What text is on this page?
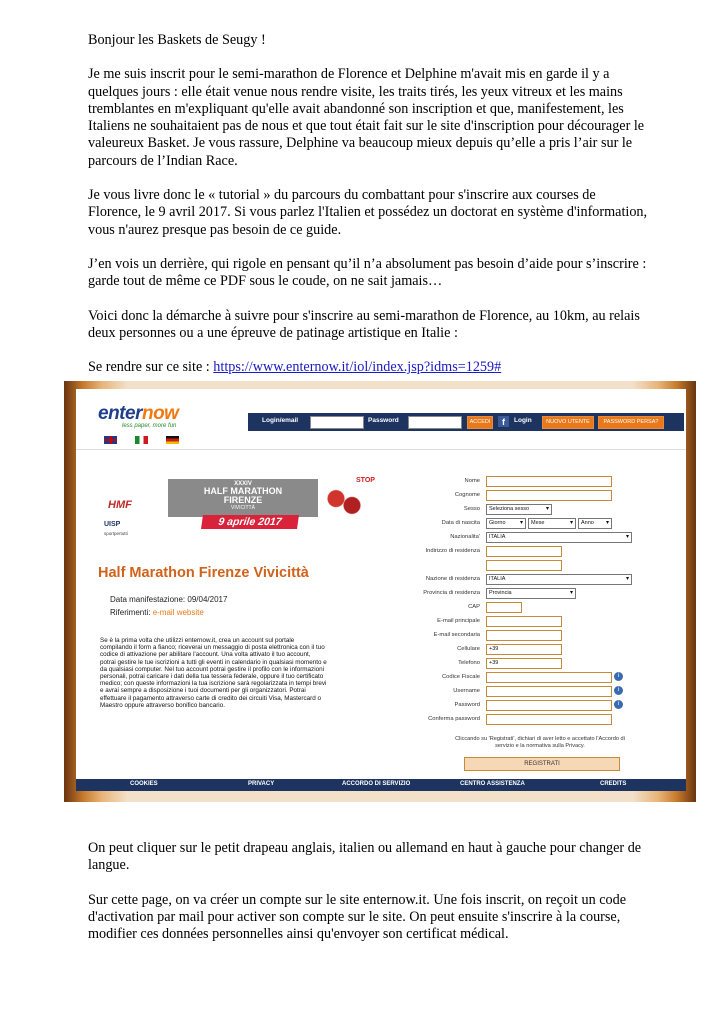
Bonjour les Baskets de Seugy !

Je me suis inscrit pour le semi-marathon de Florence et Delphine m'avait mis en garde il y a quelques jours : elle était venue nous rendre visite, les traits tirés, les yeux vitreux et les mains tremblantes en m'expliquant qu'elle avait abandonné son inscription et que, manifestement, les Italiens ne souhaitaient pas de nous et que tout était fait sur le site d'inscription pour décourager le valeureux Basket. Je vous rassure, Delphine va beaucoup mieux depuis qu’elle a pris l’air sur le parcours de l’Indian Race.

Je vous livre donc le « tutorial » du parcours du combattant pour s'inscrire aux courses de Florence, le 9 avril 2017. Si vous parlez l'Italien et possédez un doctorat en système d'information, vous n'aurez presque pas besoin de ce guide.

J’en vois un derrière, qui rigole en pensant qu’il n’a absolument pas besoin d’aide pour s’inscrire : garde tout de même ce PDF sous le coude, on ne sait jamais…

Voici donc la démarche à suivre pour s'inscrire au semi-marathon de Florence, au 10km, au relais deux personnes ou a une épreuve de patinage artistique en Italie :

Se rendre sur ce site : https://www.enternow.it/iol/index.jsp?idms=1259#

enternow
less paper, more fun
Login/email	Password	ACCEDI	f	Login	NUOVO UTENTE	PASSWORD PERSA?
HMF
UISP
sportpertutti
XXXIV
HALF MARATHON
FIRENZE
VIVICITTÀ
9 aprile 2017
STOP
Half Marathon Firenze Vivicittà
Data manifestazione: 09/04/2017
Riferimenti: e-mail website
Se è la prima volta che utilizzi enternow.it, crea un account sul portale compilando il form a fianco; riceverai un messaggio di posta elettronica con il tuo codice di attivazione per abilitare l'account. Una volta attivato il tuo account, potrai gestire le tue iscrizioni a tutti gli eventi in calendario in qualsiasi momento e da qualsiasi computer. Nel tuo account potrai gestire il profilo con le informazioni personali, potrai caricare i dati della tua tessera federale, oppure il tuo certificato medico; con queste informazioni la tua iscrizione sarà regolarizzata in tempi brevi e avrai sempre a disposizione i tuoi documenti per gli organizzatori. Potrai effettuare il pagamento attraverso carte di credito dei circuiti Visa, Mastercard o Maestro oppure attraverso bonifico bancario.
Nome
Cognome
Sesso	Seleziona sesso ▾
Data di nascita	Giorno ▾	Mese ▾	Anno ▾
Nazionalita'	ITALIA ▾
Indirizzo di residenza
Nazione di residenza	ITALIA ▾
Provincia di residenza	Provincia ▾
CAP
E-mail principale
E-mail secondaria
Cellulare	+39
Telefono	+39
Codice Fiscale	i
Username	i
Password	i
Conferma password
Cliccando su 'Registrati', dichiari di aver letto e accettato l'Accordo di servizio e la normativa sulla Privacy.
REGISTRATI
COOKIES	PRIVACY	ACCORDO DI SERVIZIO	CENTRO ASSISTENZA	CREDITS

On peut cliquer sur le petit drapeau anglais, italien ou allemand en haut à gauche pour changer de langue.

Sur cette page, on va créer un compte sur le site enternow.it. Une fois inscrit, on reçoit un code d'activation par mail pour activer son compte sur le site. On peut ensuite s'inscrire à la course, modifier ces données personnelles ainsi qu'envoyer son certificat médical.
